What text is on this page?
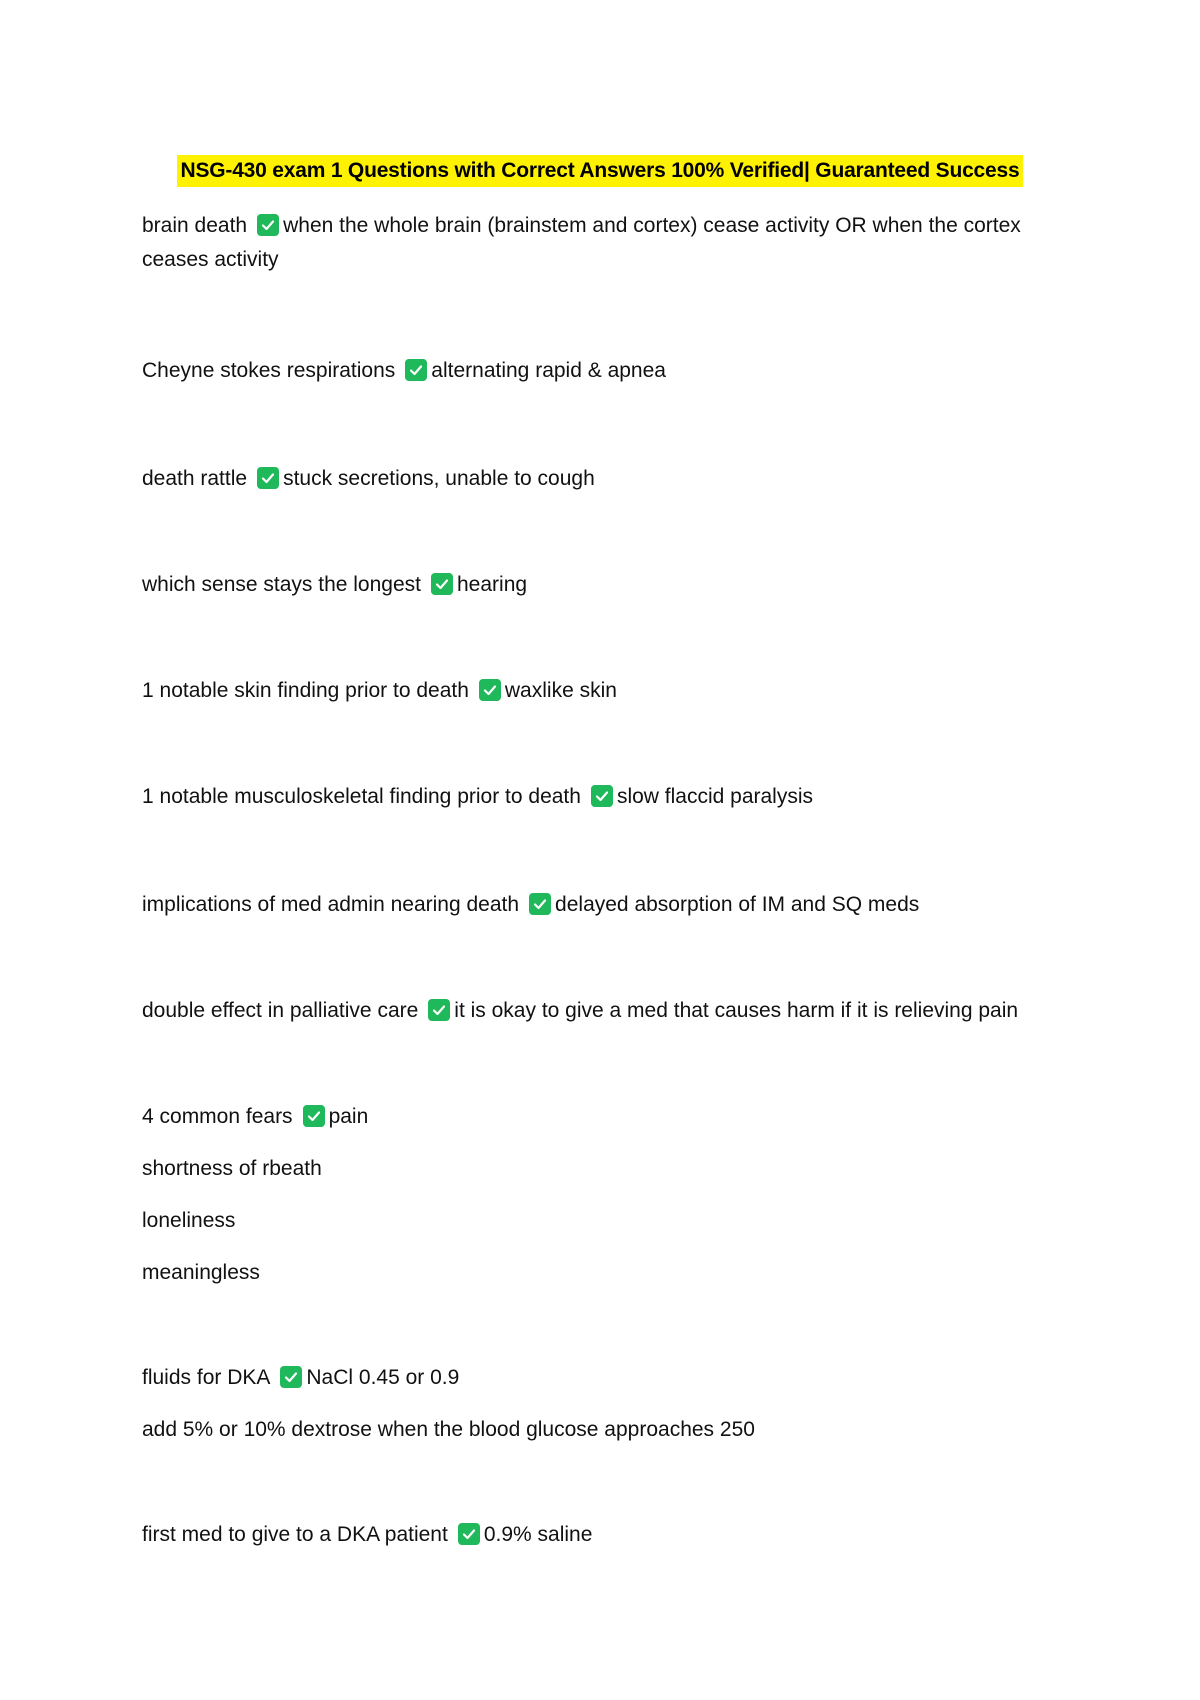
NSG-430 exam 1 Questions with Correct Answers 100% Verified| Guaranteed Success

brain death when the whole brain (brainstem and cortex) cease activity OR when the cortex ceases activity

Cheyne stokes respirations alternating rapid & apnea

death rattle stuck secretions, unable to cough

which sense stays the longest hearing

1 notable skin finding prior to death waxlike skin

1 notable musculoskeletal finding prior to death slow flaccid paralysis

implications of med admin nearing death delayed absorption of IM and SQ meds

double effect in palliative care it is okay to give a med that causes harm if it is relieving pain

4 common fears pain

shortness of rbeath

loneliness

meaningless

fluids for DKA NaCl 0.45 or 0.9

add 5% or 10% dextrose when the blood glucose approaches 250

first med to give to a DKA patient 0.9% saline
